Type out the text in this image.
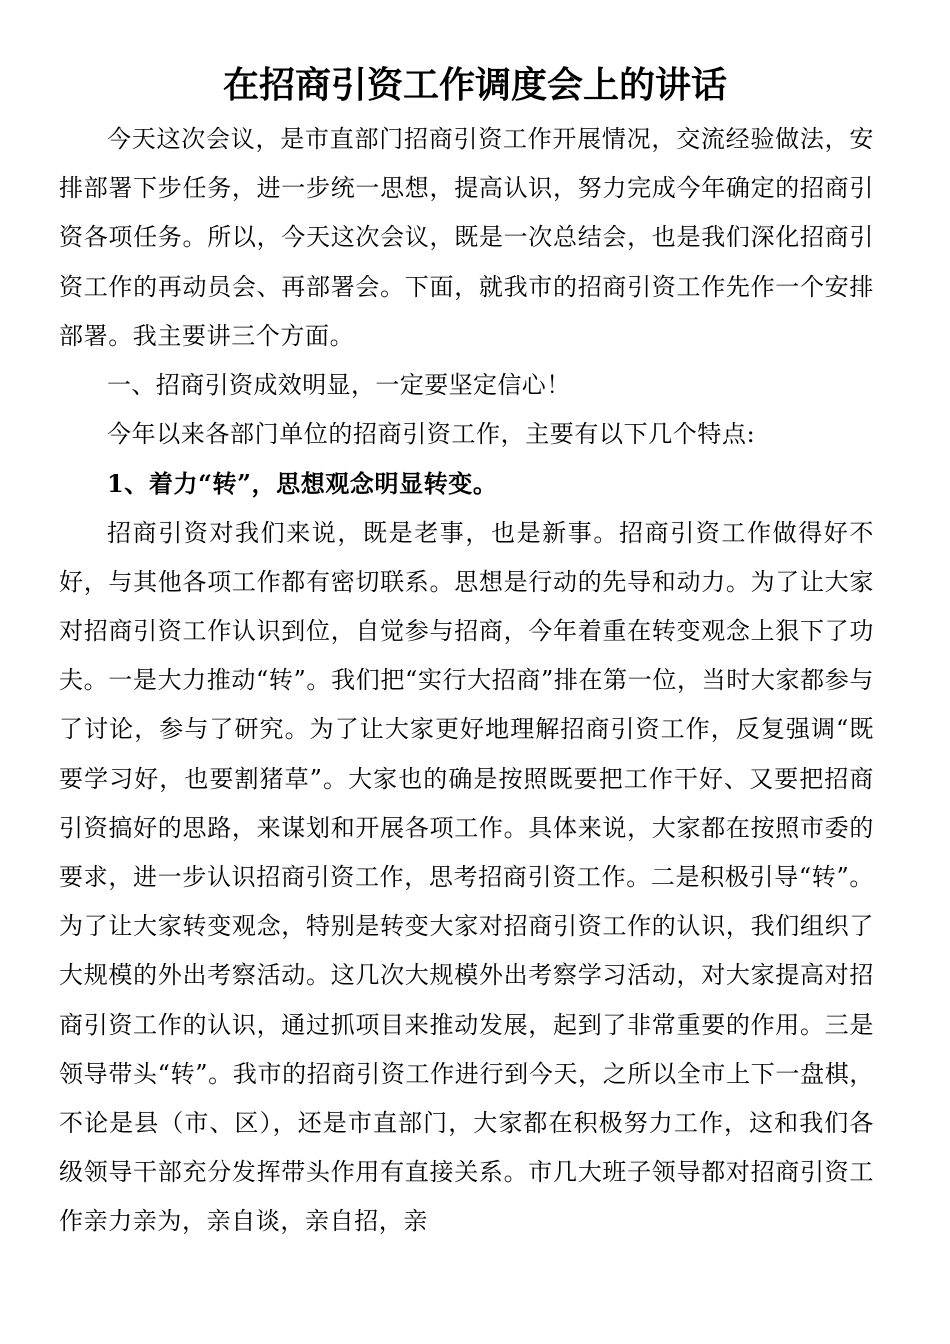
在招商引资工作调度会上的讲话

今天这次会议，是市直部门招商引资工作开展情况，交流经验做法，安排部署下步任务，进一步统一思想，提高认识，努力完成今年确定的招商引资各项任务。所以，今天这次会议，既是一次总结会，也是我们深化招商引资工作的再动员会、再部署会。下面，就我市的招商引资工作先作一个安排部署。我主要讲三个方面。

一、招商引资成效明显，一定要坚定信心！

今年以来各部门单位的招商引资工作，主要有以下几个特点:

1、着力“转”，思想观念明显转变。

招商引资对我们来说，既是老事，也是新事。招商引资工作做得好不好，与其他各项工作都有密切联系。思想是行动的先导和动力。为了让大家对招商引资工作认识到位，自觉参与招商，今年着重在转变观念上狠下了功夫。一是大力推动“转”。我们把“实行大招商”排在第一位，当时大家都参与了讨论，参与了研究。为了让大家更好地理解招商引资工作，反复强调“既要学习好，也要割猪草”。大家也的确是按照既要把工作干好、又要把招商引资搞好的思路，来谋划和开展各项工作。具体来说，大家都在按照市委的要求，进一步认识招商引资工作，思考招商引资工作。二是积极引导“转”。为了让大家转变观念，特别是转变大家对招商引资工作的认识，我们组织了大规模的外出考察活动。这几次大规模外出考察学习活动，对大家提高对招商引资工作的认识，通过抓项目来推动发展，起到了非常重要的作用。三是领导带头“转”。我市的招商引资工作进行到今天，之所以全市上下一盘棋，不论是县（市、区），还是市直部门，大家都在积极努力工作，这和我们各级领导干部充分发挥带头作用有直接关系。市几大班子领导都对招商引资工作亲力亲为，亲自谈，亲自招，亲
